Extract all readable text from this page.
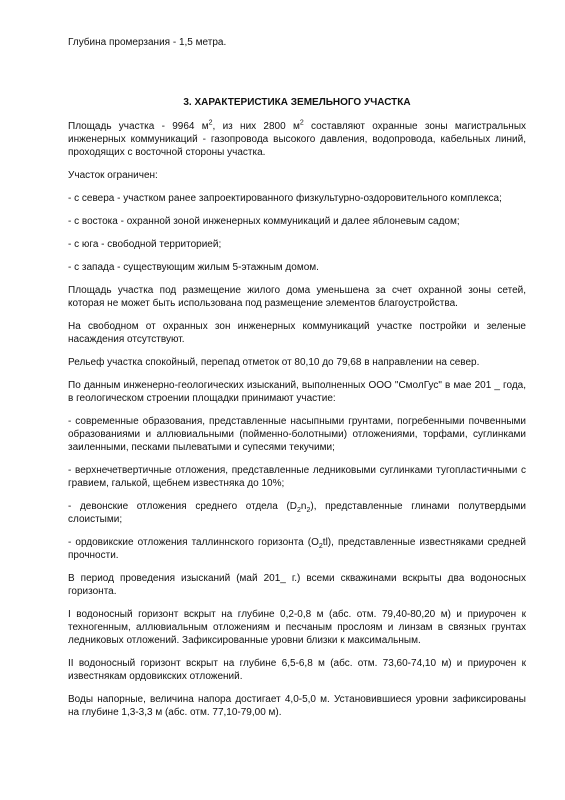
Глубина промерзания - 1,5 метра.

3. ХАРАКТЕРИСТИКА ЗЕМЕЛЬНОГО УЧАСТКА

Площадь участка - 9964 $м^2$, из них 2800 $м^2$ составляют охранные зоны магистральных инженерных коммуникаций - газопровода высокого давления, водопровода, кабельных линий, проходящих с восточной стороны участка.

Участок ограничен:

- с севера - участком ранее запроектированного физкультурно-оздоровительного комплекса;

- с востока - охранной зоной инженерных коммуникаций и далее яблоневым садом;

- с юга - свободной территорией;

- с запада - существующим жилым 5-этажным домом.

Площадь участка под размещение жилого дома уменьшена за счет охранной зоны сетей, которая не может быть использована под размещение элементов благоустройства.

На свободном от охранных зон инженерных коммуникаций участке постройки и зеленые насаждения отсутствуют.

Рельеф участка спокойный, перепад отметок от 80,10 до 79,68 в направлении на север.

По данным инженерно-геологических изысканий, выполненных ООО "СмолГус" в мае 201 _ года, в геологическом строении площадки принимают участие:

- современные образования, представленные насыпными грунтами, погребенными почвенными образованиями и аллювиальными (пойменно-болотными) отложениями, торфами, суглинками заиленными, песками пылеватыми и супесями текучими;

- верхнечетвертичные отложения, представленные ледниковыми суглинками тугопластичными с гравием, галькой, щебнем известняка до 10%;

- девонские отложения среднего отдела $(D_2n_2)$, представленные глинами полутвердыми слоистыми;

- ордовикские отложения таллиннского горизонта $(O_2tl)$, представленные известняками средней прочности.

В период проведения изысканий (май 201_ г.) всеми скважинами вскрыты два водоносных горизонта.

I водоносный горизонт вскрыт на глубине 0,2-0,8 м (абс. отм. 79,40-80,20 м) и приурочен к техногенным, аллювиальным отложениям и песчаным прослоям и линзам в связных грунтах ледниковых отложений. Зафиксированные уровни близки к максимальным.

II водоносный горизонт вскрыт на глубине 6,5-6,8 м (абс. отм. 73,60-74,10 м) и приурочен к известнякам ордовикских отложений.

Воды напорные, величина напора достигает 4,0-5,0 м. Установившиеся уровни зафиксированы на глубине 1,3-3,3 м (абс. отм. 77,10-79,00 м).
